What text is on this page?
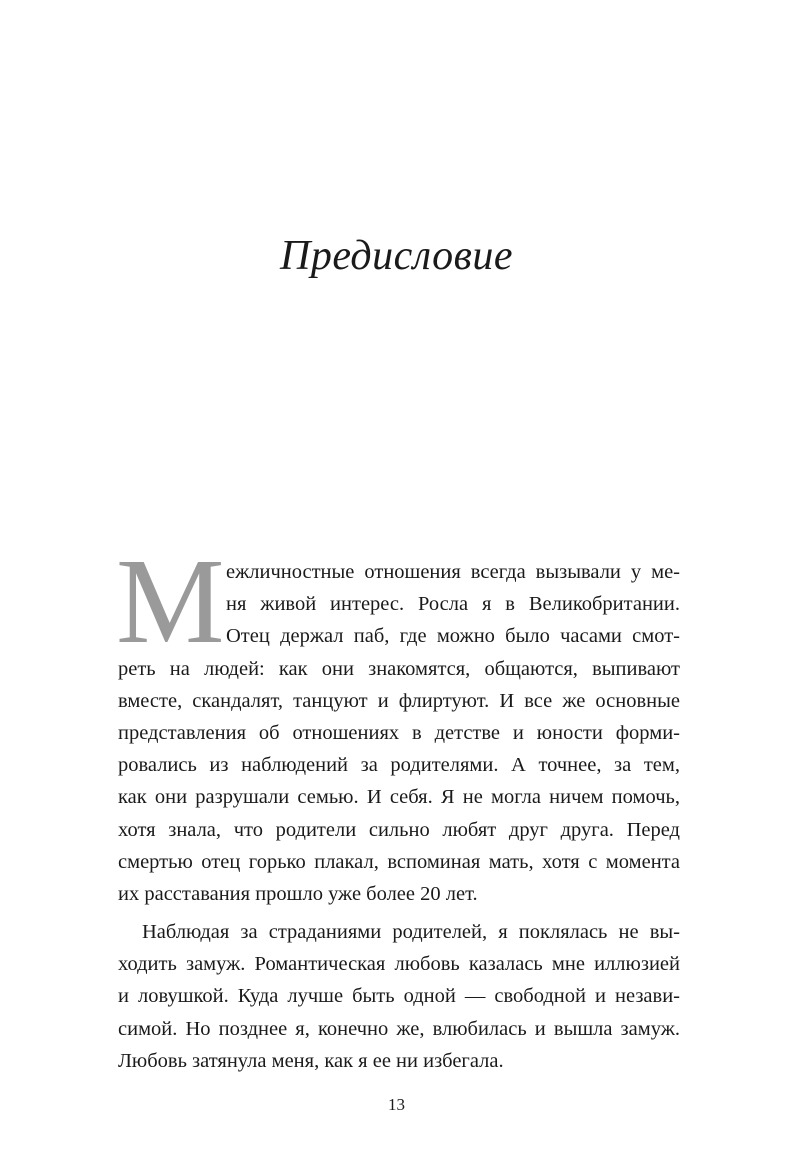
Предисловие
М ежличностные отношения всегда вызывали у ме-
ня живой интерес. Росла я в Великобритании.
Отец держал паб, где можно было часами смот-
реть на людей: как они знакомятся, общаются, выпивают
вместе, скандалят, танцуют и флиртуют. И все же основные
представления об отношениях в детстве и юности форми-
ровались из наблюдений за родителями. А точнее, за тем,
как они разрушали семью. И себя. Я не могла ничем помочь,
хотя знала, что родители сильно любят друг друга. Перед
смертью отец горько плакал, вспоминая мать, хотя с момента
их расставания прошло уже более 20 лет.
Наблюдая за страданиями родителей, я поклялась не вы-
ходить замуж. Романтическая любовь казалась мне иллюзией
и ловушкой. Куда лучше быть одной — свободной и незави-
симой. Но позднее я, конечно же, влюбилась и вышла замуж.
Любовь затянула меня, как я ее ни избегала.
13
